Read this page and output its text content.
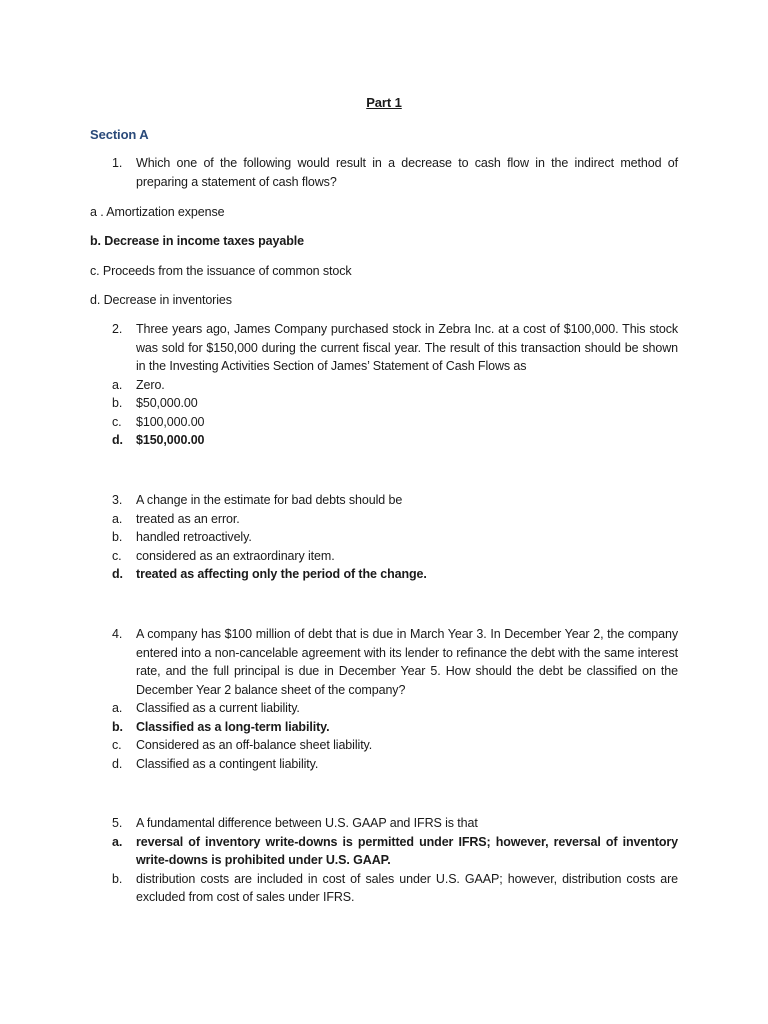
Part 1
Section A
1.	Which one of the following would result in a decrease to cash flow in the indirect method of preparing a statement of cash flows?
a . Amortization expense
b. Decrease in income taxes payable
c. Proceeds from the issuance of common stock
d. Decrease in inventories
2.	Three years ago, James Company purchased stock in Zebra Inc. at a cost of $100,000. This stock was sold for $150,000 during the current fiscal year. The result of this transaction should be shown in the Investing Activities Section of James’ Statement of Cash Flows as
a.	Zero.
b.	$50,000.00
c.	$100,000.00
d.	$150,000.00
3.	A change in the estimate for bad debts should be
a.	treated as an error.
b.	handled retroactively.
c.	considered as an extraordinary item.
d.	treated as affecting only the period of the change.
4.	A company has $100 million of debt that is due in March Year 3. In December Year 2, the company entered into a non-cancelable agreement with its lender to refinance the debt with the same interest rate, and the full principal is due in December Year 5. How should the debt be classified on the December Year 2 balance sheet of the company?
a.	Classified as a current liability.
b.	Classified as a long-term liability.
c.	Considered as an off-balance sheet liability.
d.	Classified as a contingent liability.
5.	A fundamental difference between U.S. GAAP and IFRS is that
a.	reversal of inventory write-downs is permitted under IFRS; however, reversal of inventory write-downs is prohibited under U.S. GAAP.
b.	distribution costs are included in cost of sales under U.S. GAAP; however, distribution costs are excluded from cost of sales under IFRS.
